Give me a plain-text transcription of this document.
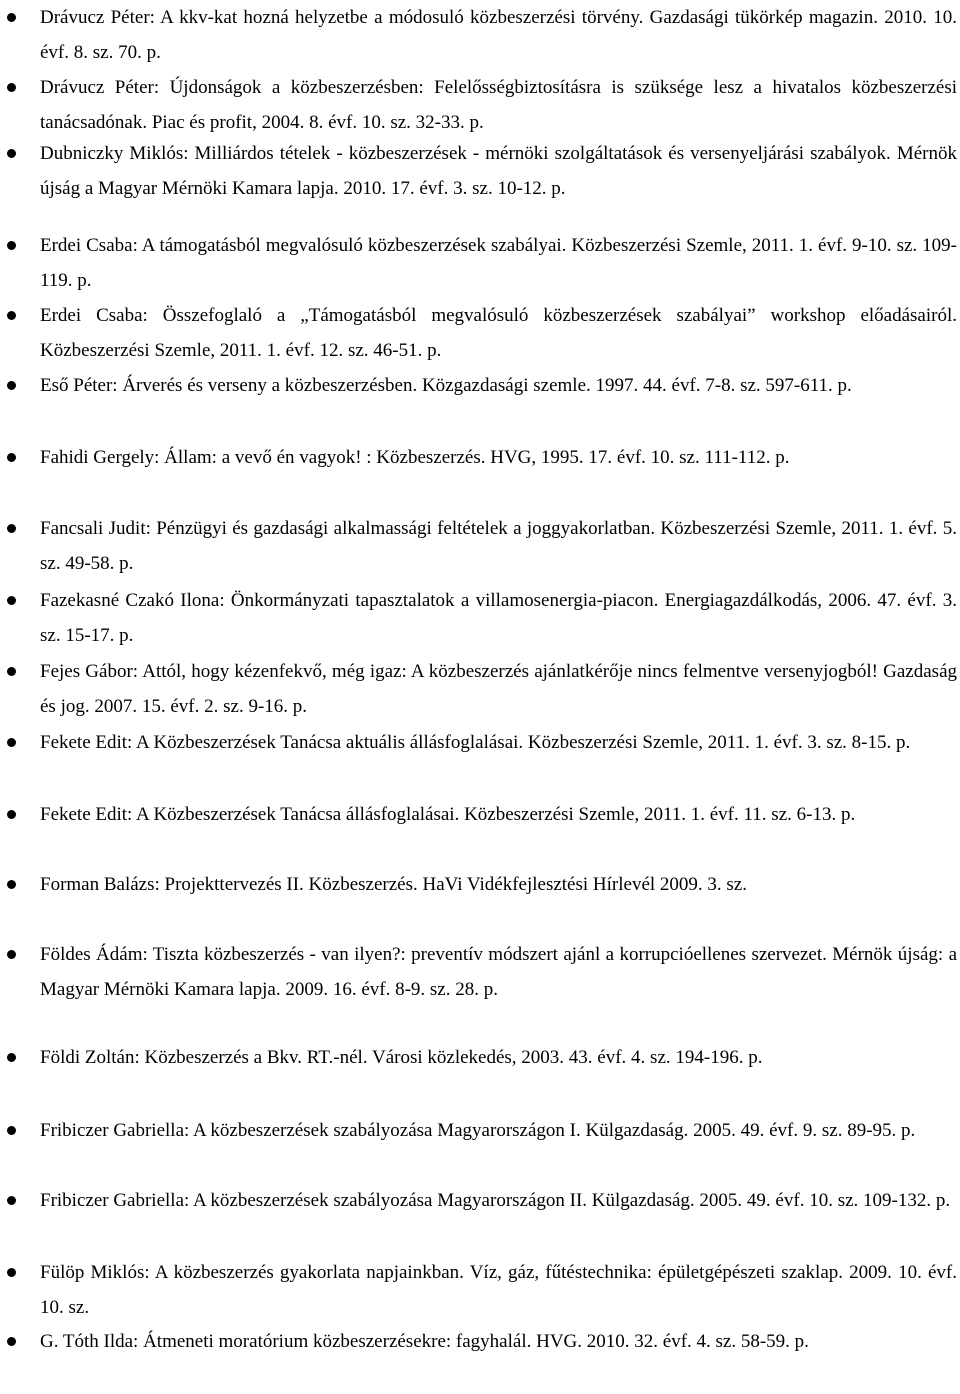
Drávucz Péter: A kkv-kat hozná helyzetbe a módosuló közbeszerzési törvény. Gazdasági tükörkép magazin. 2010. 10. évf. 8. sz. 70. p.
Drávucz Péter: Újdonságok a közbeszerzésben: Felelősségbiztosításra is szüksége lesz a hivatalos közbeszerzési tanácsadónak. Piac és profit, 2004. 8. évf. 10. sz. 32-33. p.
Dubniczky Miklós: Milliárdos tételek - közbeszerzések - mérnöki szolgáltatások és versenyeljárási szabályok. Mérnök újság a Magyar Mérnöki Kamara lapja. 2010. 17. évf. 3. sz. 10-12. p.
Erdei Csaba: A támogatásból megvalósuló közbeszerzések szabályai. Közbeszerzési Szemle, 2011. 1. évf. 9-10. sz. 109-119. p.
Erdei Csaba: Összefoglaló a „Támogatásból megvalósuló közbeszerzések szabályai” workshop előadásairól. Közbeszerzési Szemle, 2011. 1. évf. 12. sz. 46-51. p.
Eső Péter: Árverés és verseny a közbeszerzésben. Közgazdasági szemle. 1997. 44. évf. 7-8. sz. 597-611. p.
Fahidi Gergely: Állam: a vevő én vagyok! : Közbeszerzés. HVG, 1995. 17. évf. 10. sz. 111-112. p.
Fancsali Judit: Pénzügyi és gazdasági alkalmassági feltételek a joggyakorlatban. Közbeszerzési Szemle, 2011. 1. évf. 5. sz. 49-58. p.
Fazekasné Czakó Ilona: Önkormányzati tapasztalatok a villamosenergia-piacon. Energiagazdálkodás, 2006. 47. évf. 3. sz. 15-17. p.
Fejes Gábor: Attól, hogy kézenfekvő, még igaz: A közbeszerzés ajánlatkérője nincs felmentve versenyjogból! Gazdaság és jog. 2007. 15. évf. 2. sz. 9-16. p.
Fekete Edit: A Közbeszerzések Tanácsa aktuális állásfoglalásai. Közbeszerzési Szemle, 2011. 1. évf. 3. sz. 8-15. p.
Fekete Edit: A Közbeszerzések Tanácsa állásfoglalásai. Közbeszerzési Szemle, 2011. 1. évf. 11. sz. 6-13. p.
Forman Balázs: Projekttervezés II. Közbeszerzés. HaVi Vidékfejlesztési Hírlevél 2009. 3. sz.
Földes Ádám: Tiszta közbeszerzés - van ilyen?: preventív módszert ajánl a korrupcióellenes szervezet. Mérnök újság: a Magyar Mérnöki Kamara lapja. 2009. 16. évf. 8-9. sz. 28. p.
Földi Zoltán: Közbeszerzés a Bkv. RT.-nél. Városi közlekedés, 2003. 43. évf. 4. sz. 194-196. p.
Fribiczer Gabriella: A közbeszerzések szabályozása Magyarországon I. Külgazdaság. 2005. 49. évf. 9. sz. 89-95. p.
Fribiczer Gabriella: A közbeszerzések szabályozása Magyarországon II. Külgazdaság. 2005. 49. évf. 10. sz. 109-132. p.
Fülöp Miklós: A közbeszerzés gyakorlata napjainkban. Víz, gáz, fűtéstechnika: épületgépészeti szaklap. 2009. 10. évf. 10. sz.
G. Tóth Ilda: Átmeneti moratórium közbeszerzésekre: fagyhalál. HVG. 2010. 32. évf. 4. sz. 58-59. p.
